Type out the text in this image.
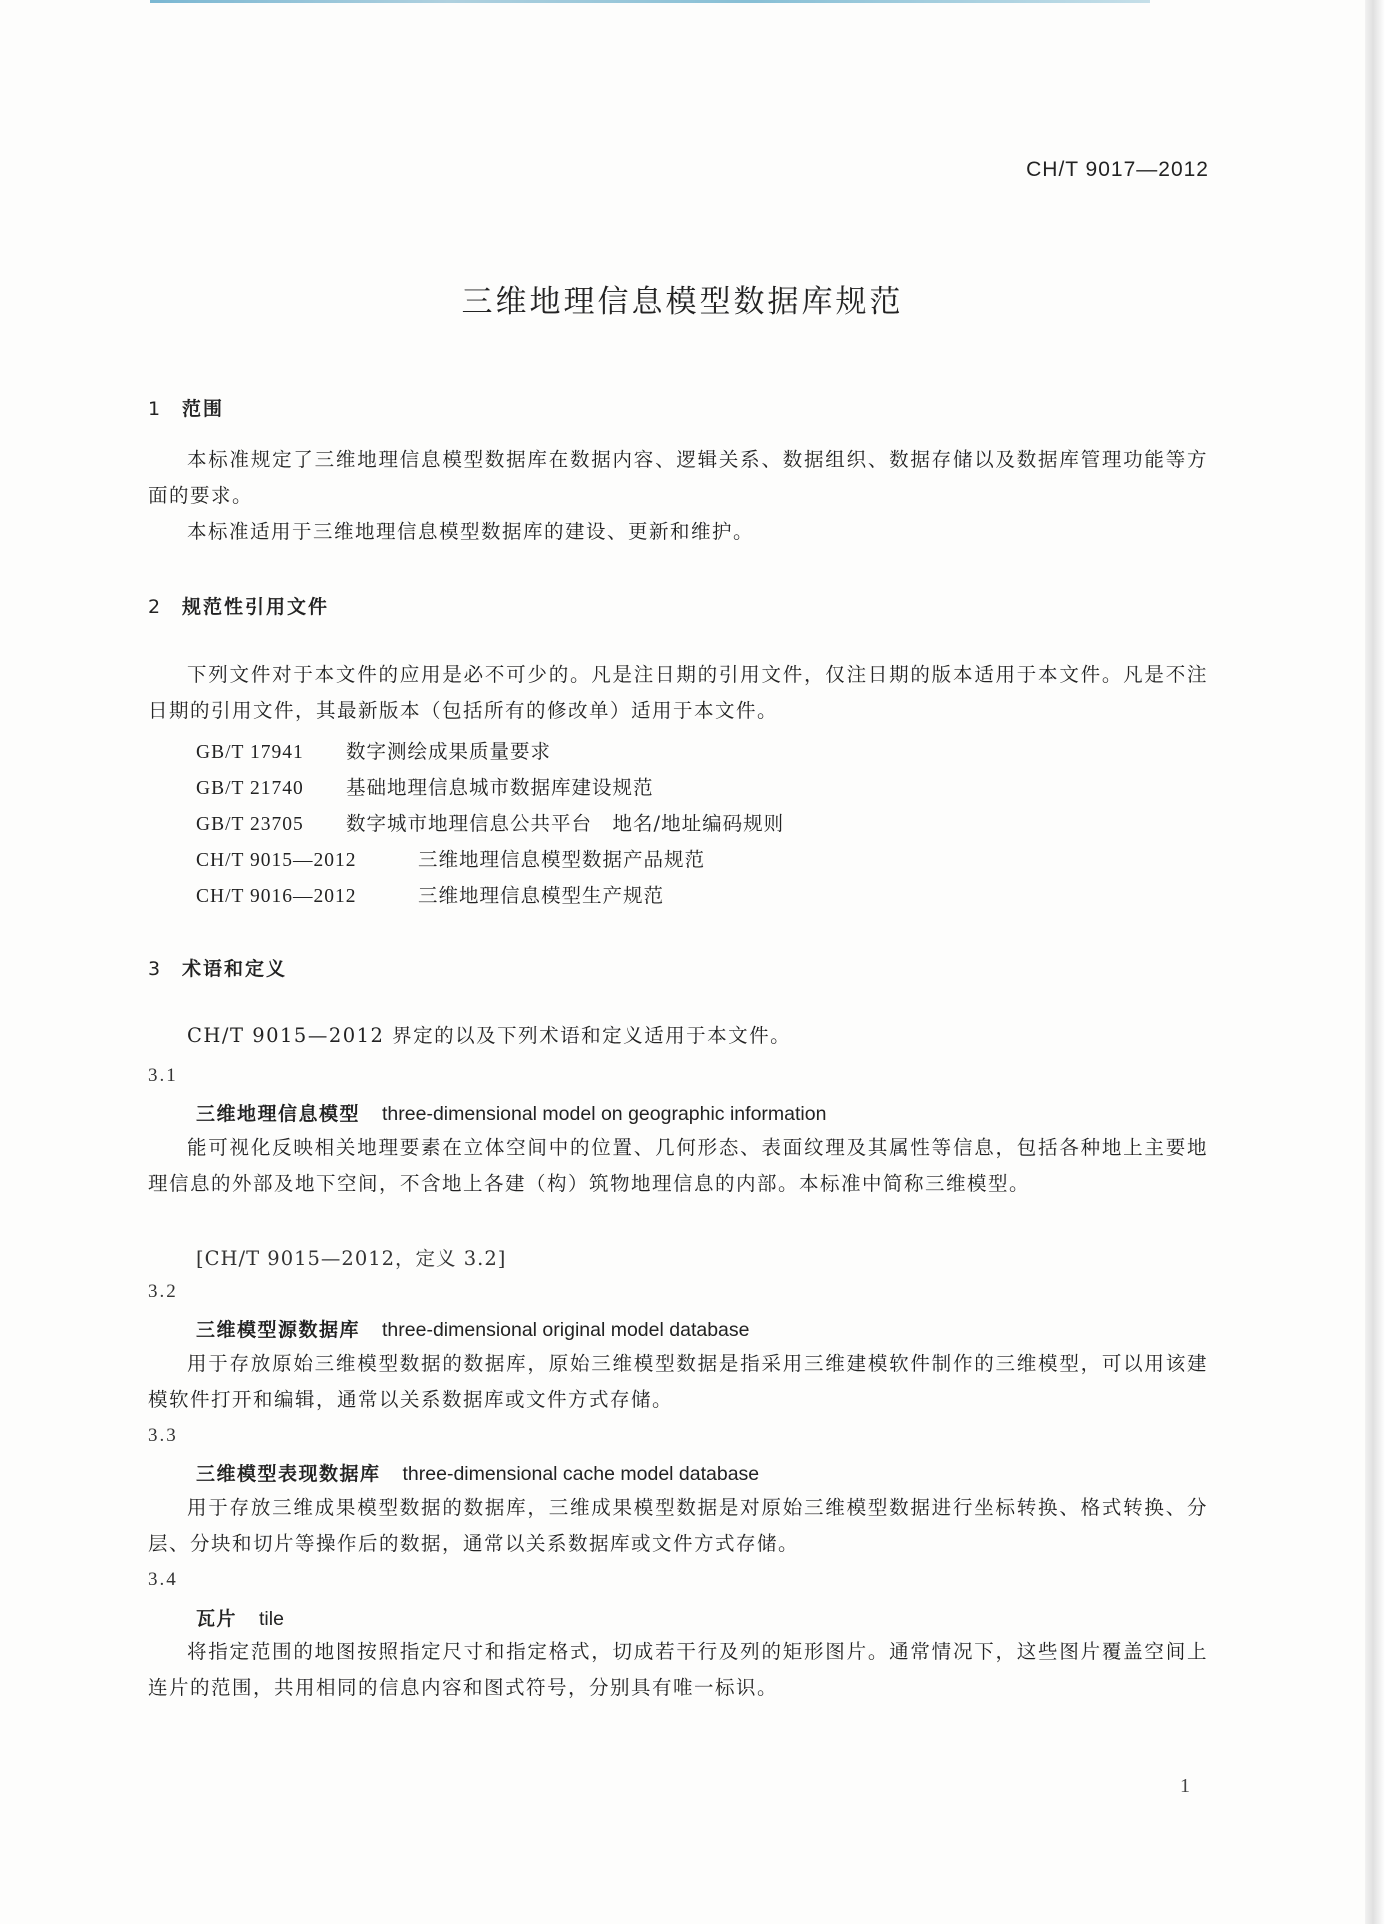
CH/T 9017—2012
三维地理信息模型数据库规范
1 范围
本标准规定了三维地理信息模型数据库在数据内容、逻辑关系、数据组织、数据存储以及数据库管理功能等方面的要求。
本标准适用于三维地理信息模型数据库的建设、更新和维护。
2 规范性引用文件
下列文件对于本文件的应用是必不可少的。凡是注日期的引用文件，仅注日期的版本适用于本文件。凡是不注日期的引用文件，其最新版本（包括所有的修改单）适用于本文件。
GB/T 17941 数字测绘成果质量要求
GB/T 21740 基础地理信息城市数据库建设规范
GB/T 23705 数字城市地理信息公共平台　地名/地址编码规则
CH/T 9015—2012	三维地理信息模型数据产品规范
CH/T 9016—2012	三维地理信息模型生产规范
3 术语和定义
CH/T 9015—2012 界定的以及下列术语和定义适用于本文件。
3.1
三维地理信息模型 three-dimensional model on geographic information
能可视化反映相关地理要素在立体空间中的位置、几何形态、表面纹理及其属性等信息，包括各种地上主要地理信息的外部及地下空间，不含地上各建（构）筑物地理信息的内部。本标准中简称三维模型。
[CH/T 9015—2012，定义 3.2]
3.2
三维模型源数据库 three-dimensional original model database
用于存放原始三维模型数据的数据库，原始三维模型数据是指采用三维建模软件制作的三维模型，可以用该建模软件打开和编辑，通常以关系数据库或文件方式存储。
3.3
三维模型表现数据库 three-dimensional cache model database
用于存放三维成果模型数据的数据库，三维成果模型数据是对原始三维模型数据进行坐标转换、格式转换、分层、分块和切片等操作后的数据，通常以关系数据库或文件方式存储。
3.4
瓦片 tile
将指定范围的地图按照指定尺寸和指定格式，切成若干行及列的矩形图片。通常情况下，这些图片覆盖空间上连片的范围，共用相同的信息内容和图式符号，分别具有唯一标识。
1
